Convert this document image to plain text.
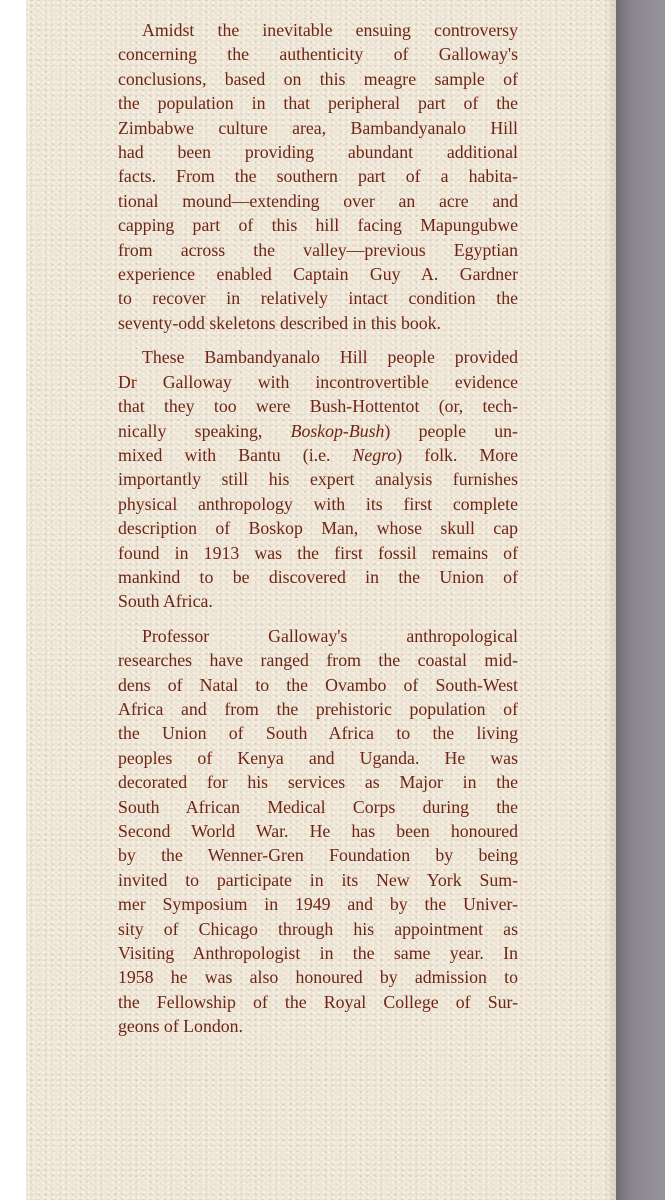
Amidst the inevitable ensuing controversy
concerning the authenticity of Galloway's
conclusions, based on this meagre sample of
the population in that peripheral part of the
Zimbabwe culture area, Bambandyanalo Hill
had been providing abundant additional
facts. From the southern part of a habita-
tional mound—extending over an acre and
capping part of this hill facing Mapungubwe
from across the valley—previous Egyptian
experience enabled Captain Guy A. Gardner
to recover in relatively intact condition the
seventy-odd skeletons described in this book.

These Bambandyanalo Hill people provided
Dr Galloway with incontrovertible evidence
that they too were Bush-Hottentot (or, tech-
nically speaking, Boskop-Bush) people un-
mixed with Bantu (i.e. Negro) folk. More
importantly still his expert analysis furnishes
physical anthropology with its first complete
description of Boskop Man, whose skull cap
found in 1913 was the first fossil remains of
mankind to be discovered in the Union of
South Africa.

Professor Galloway's anthropological
researches have ranged from the coastal mid-
dens of Natal to the Ovambo of South-West
Africa and from the prehistoric population of
the Union of South Africa to the living
peoples of Kenya and Uganda. He was
decorated for his services as Major in the
South African Medical Corps during the
Second World War. He has been honoured
by the Wenner-Gren Foundation by being
invited to participate in its New York Sum-
mer Symposium in 1949 and by the Univer-
sity of Chicago through his appointment as
Visiting Anthropologist in the same year. In
1958 he was also honoured by admission to
the Fellowship of the Royal College of Sur-
geons of London.
